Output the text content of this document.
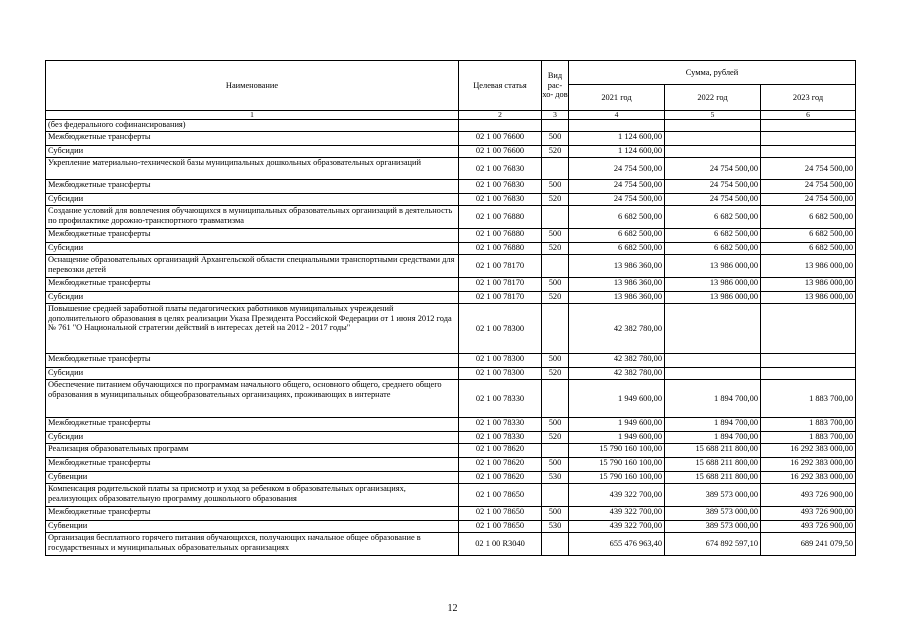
Наименование	Целевая статья	Вид рас- хо- дов	Сумма, рублей		
			2021 год	2022 год	2023 год
1	2	3	4	5	6
(без федерального софинансирования)					
Межбюджетные трансферты	02 1 00 76600	500	1 124 600,00		
Субсидии	02 1 00 76600	520	1 124 600,00		
Укрепление материально-технической базы муниципальных дошкольных образовательных организаций	02 1 00 76830		24 754 500,00	24 754 500,00	24 754 500,00
Межбюджетные трансферты	02 1 00 76830	500	24 754 500,00	24 754 500,00	24 754 500,00
Субсидии	02 1 00 76830	520	24 754 500,00	24 754 500,00	24 754 500,00
Создание условий для вовлечения обучающихся в муниципальных образовательных организаций в деятельность по профилактике дорожно-транспортного травматизма	02 1 00 76880		6 682 500,00	6 682 500,00	6 682 500,00
Межбюджетные трансферты	02 1 00 76880	500	6 682 500,00	6 682 500,00	6 682 500,00
Субсидии	02 1 00 76880	520	6 682 500,00	6 682 500,00	6 682 500,00
Оснащение образовательных организаций Архангельской области специальными транспортными средствами для перевозки детей	02 1 00 78170		13 986 360,00	13 986 000,00	13 986 000,00
Межбюджетные трансферты	02 1 00 78170	500	13 986 360,00	13 986 000,00	13 986 000,00
Субсидии	02 1 00 78170	520	13 986 360,00	13 986 000,00	13 986 000,00
Повышение средней заработной платы педагогических работников муниципальных учреждений дополнительного образования в целях реализации Указа Президента Российской Федерации от 1 июня 2012 года № 761 "О Национальной стратегии действий в интересах детей на 2012 - 2017 годы"	02 1 00 78300		42 382 780,00		
Межбюджетные трансферты	02 1 00 78300	500	42 382 780,00		
Субсидии	02 1 00 78300	520	42 382 780,00		
Обеспечение питанием обучающихся по программам начального общего, основного общего, среднего общего образования в муниципальных общеобразовательных организациях, проживающих в интернате	02 1 00 78330		1 949 600,00	1 894 700,00	1 883 700,00
Межбюджетные трансферты	02 1 00 78330	500	1 949 600,00	1 894 700,00	1 883 700,00
Субсидии	02 1 00 78330	520	1 949 600,00	1 894 700,00	1 883 700,00
Реализация образовательных программ	02 1 00 78620		15 790 160 100,00	15 688 211 800,00	16 292 383 000,00
Межбюджетные трансферты	02 1 00 78620	500	15 790 160 100,00	15 688 211 800,00	16 292 383 000,00
Субвенции	02 1 00 78620	530	15 790 160 100,00	15 688 211 800,00	16 292 383 000,00
Компенсация родительской платы за присмотр и уход за ребенком в образовательных организациях, реализующих образовательную программу дошкольного образования	02 1 00 78650		439 322 700,00	389 573 000,00	493 726 900,00
Межбюджетные трансферты	02 1 00 78650	500	439 322 700,00	389 573 000,00	493 726 900,00
Субвенции	02 1 00 78650	530	439 322 700,00	389 573 000,00	493 726 900,00
Организация бесплатного горячего питания обучающихся, получающих начальное общее образование в государственных и муниципальных образовательных организациях	02 1 00 R3040		655 476 963,40	674 892 597,10	689 241 079,50
12
